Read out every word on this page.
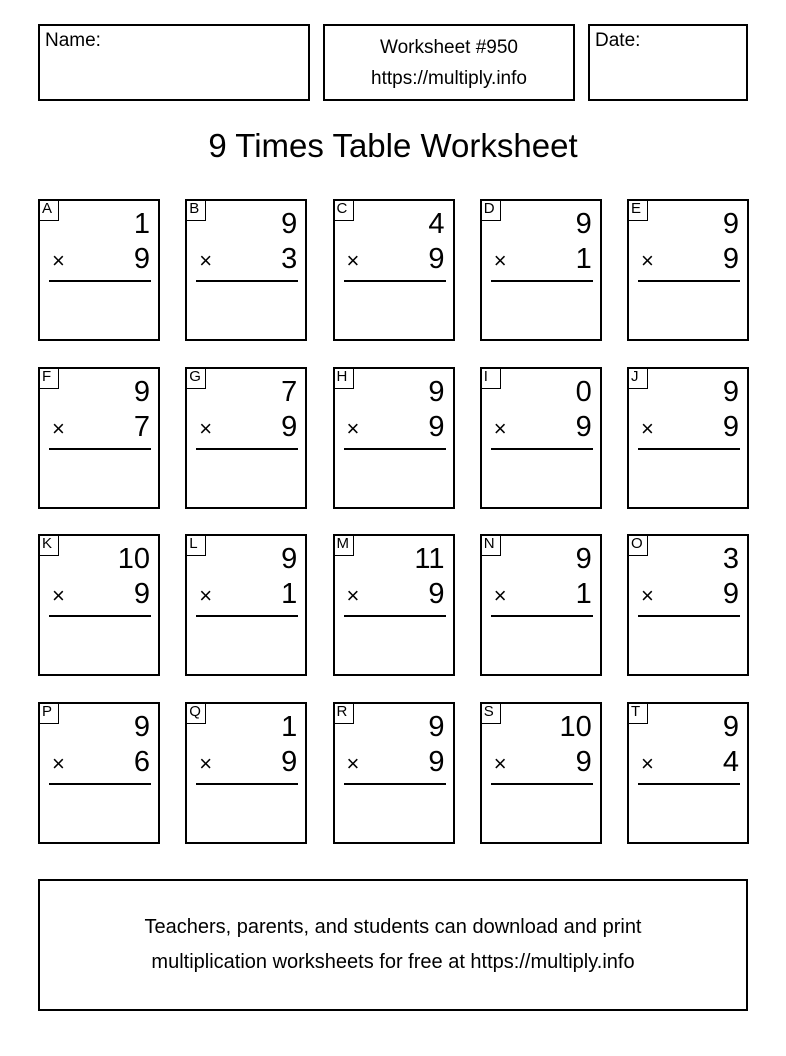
Name:	Worksheet #950
https://multiply.info
Date:
9 Times Table Worksheet
A	1
× 9
B	9
× 3
C	4
× 9
D	9
× 1
E	9
× 9
F	9
× 7
G	7
× 9
H	9
× 9
I	0
× 9
J	9
× 9
K 10
× 9
L	9
× 1
M 11
× 9
N	9
× 1
O	3
× 9
P	9
× 6
Q	1
× 9
R	9
× 9
S 10
× 9
T	9
× 4
Teachers, parents, and students can download and print
multiplication worksheets for free at https://multiply.info
